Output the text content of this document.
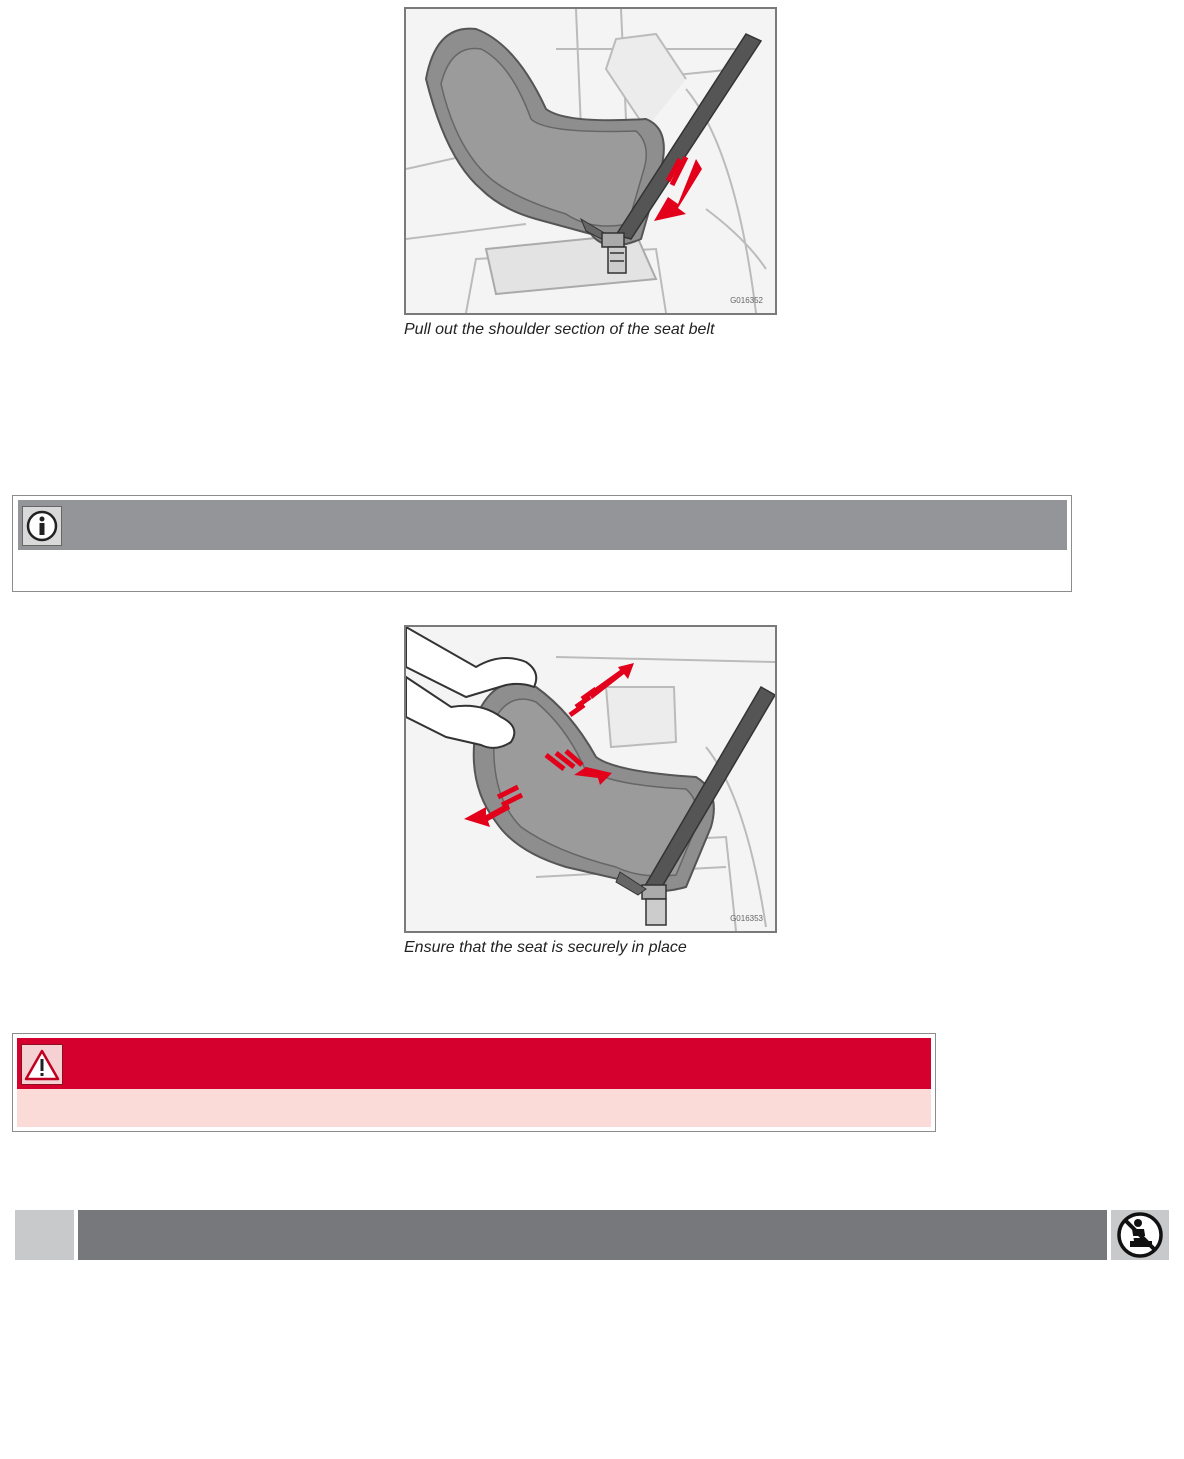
G016352
Pull out the shoulder section of the seat belt
G016353
Ensure that the seat is securely in place
